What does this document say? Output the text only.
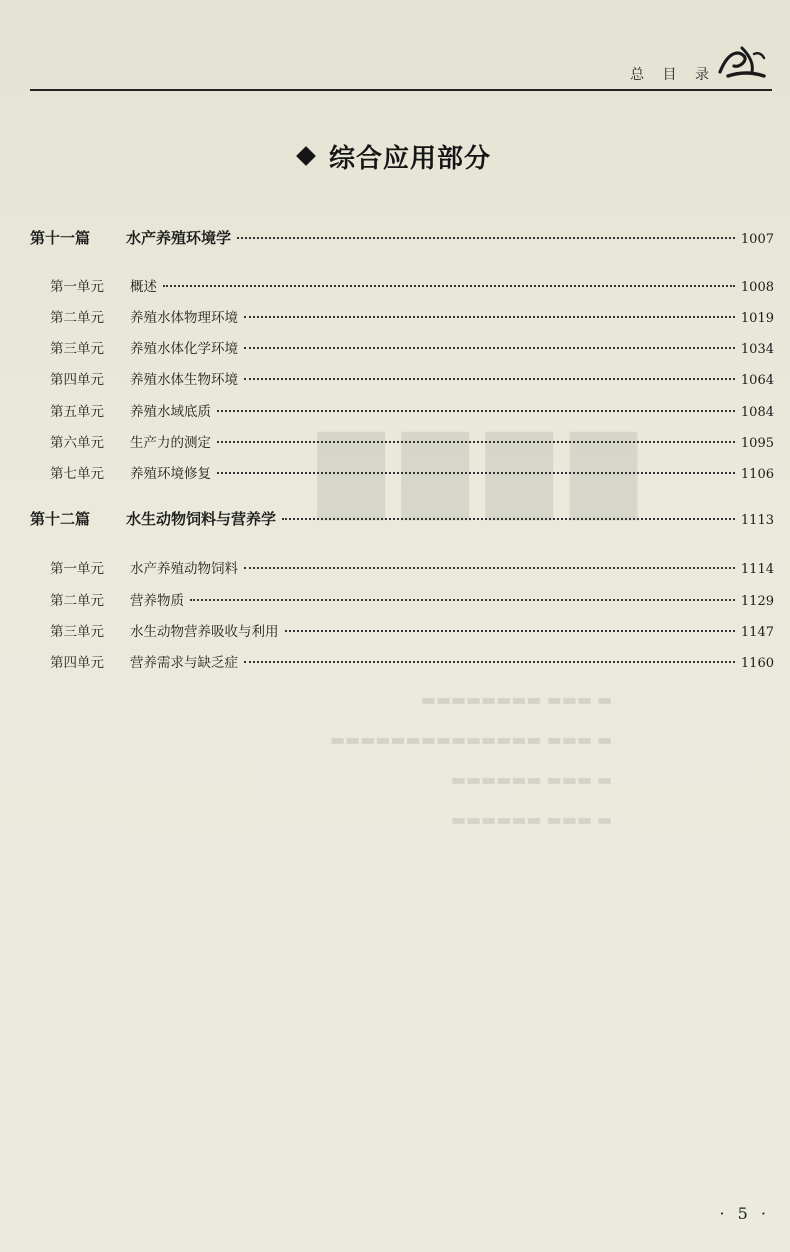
▇▇▇▇
▬ ▬▬▬ ▬▬▬▬▬▬▬▬
▬ ▬▬▬ ▬▬▬▬▬▬▬▬▬▬▬▬▬▬
▬ ▬▬▬ ▬▬▬▬▬▬
▬ ▬▬▬ ▬▬▬▬▬▬
总 目 录
综合应用部分
第十一篇	水产养殖环境学	1007
第一单元	概述	1008
第二单元	养殖水体物理环境	1019
第三单元	养殖水体化学环境	1034
第四单元	养殖水体生物环境	1064
第五单元	养殖水域底质	1084
第六单元	生产力的测定	1095
第七单元	养殖环境修复	1106
第十二篇	水生动物饲料与营养学	1113
第一单元	水产养殖动物饲料	1114
第二单元	营养物质	1129
第三单元	水生动物营养吸收与利用	1147
第四单元	营养需求与缺乏症	1160
· 5 ·
